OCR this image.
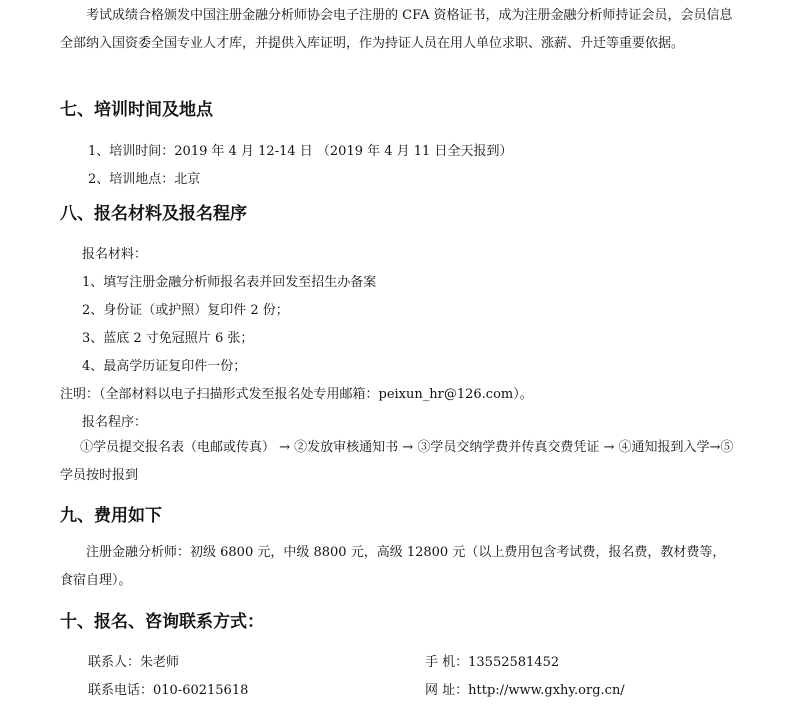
考试成绩合格颁发中国注册金融分析师协会电子注册的 CFA 资格证书，成为注册金融分析师持证会员，会员信息全部纳入国资委全国专业人才库，并提供入库证明，作为持证人员在用人单位求职、涨薪、升迁等重要依据。
七、培训时间及地点
1、培训时间：2019 年 4 月 12-14 日 （2019 年 4 月 11 日全天报到）
2、培训地点：北京
八、报名材料及报名程序
报名材料：
1、填写注册金融分析师报名表并回发至招生办备案
2、身份证（或护照）复印件 2 份；
3、蓝底 2 寸免冠照片 6 张；
4、最高学历证复印件一份；
注明：（全部材料以电子扫描形式发至报名处专用邮箱：peixun_hr@126.com）。
报名程序：
①学员提交报名表（电邮或传真） → ②发放审核通知书 → ③学员交纳学费并传真交费凭证 → ④通知报到入学→⑤学员按时报到
九、费用如下
注册金融分析师：初级 6800 元，中级 8800 元，高级 12800 元（以上费用包含考试费，报名费，教材费等，食宿自理）。
十、报名、咨询联系方式：
联系人：朱老师	手 机：13552581452
联系电话：010-60215618	网 址：http://www.gxhy.org.cn/
